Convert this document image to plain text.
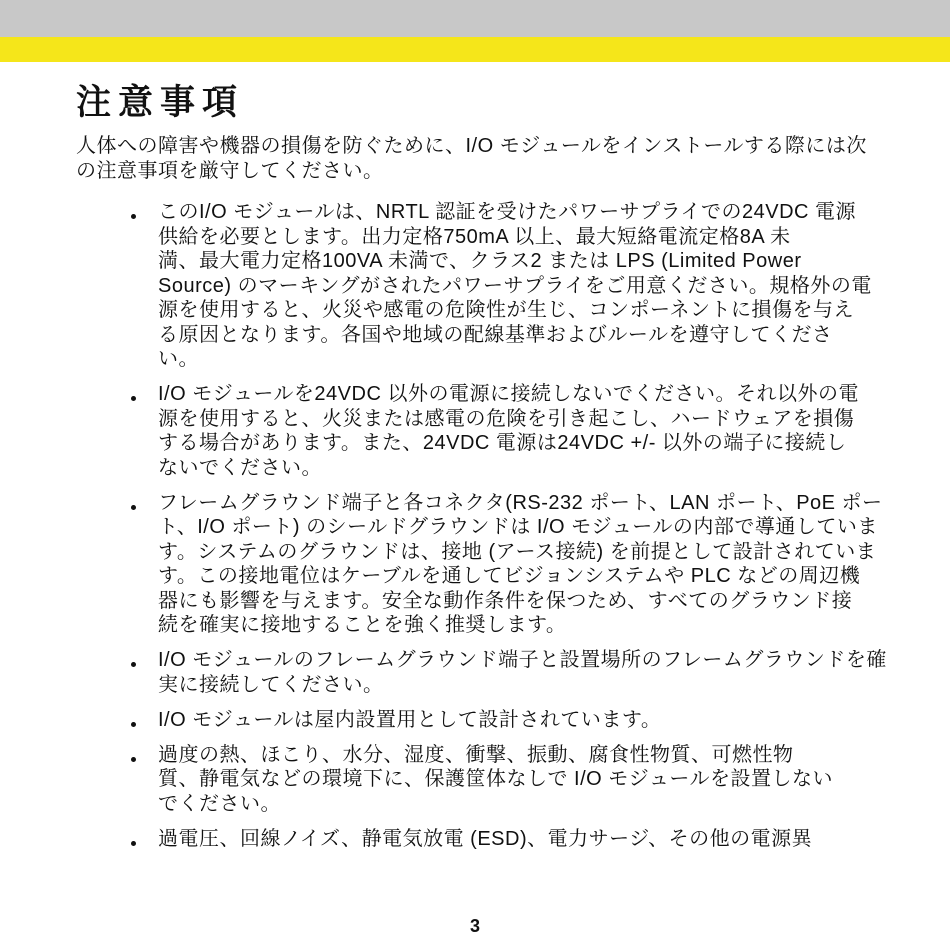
注意事項

人体への障害や機器の損傷を防ぐために、I/O モジュールをインストールする際には次
の注意事項を厳守してください。

このI/O モジュールは、NRTL 認証を受けたパワーサプライでの24VDC 電源
供給を必要とします。出力定格750mA 以上、最大短絡電流定格8A 未
満、最大電力定格100VA 未満で、クラス2 または LPS (Limited Power
Source) のマーキングがされたパワーサプライをご用意ください。規格外の電
源を使用すると、火災や感電の危険性が生じ、コンポーネントに損傷を与え
る原因となります。各国や地域の配線基準およびルールを遵守してくださ
い。
I/O モジュールを24VDC 以外の電源に接続しないでください。それ以外の電
源を使用すると、火災または感電の危険を引き起こし、ハードウェアを損傷
する場合があります。また、24VDC 電源は24VDC +/- 以外の端子に接続し
ないでください。
フレームグラウンド端子と各コネクタ(RS-232 ポート、LAN ポート、PoE ポー
ト、I/O ポート) のシールドグラウンドは I/O モジュールの内部で導通していま
す。システムのグラウンドは、接地 (アース接続) を前提として設計されていま
す。この接地電位はケーブルを通してビジョンシステムや PLC などの周辺機
器にも影響を与えます。安全な動作条件を保つため、すべてのグラウンド接
続を確実に接地することを強く推奨します。
I/O モジュールのフレームグラウンド端子と設置場所のフレームグラウンドを確
実に接続してください。
I/O モジュールは屋内設置用として設計されています。
過度の熱、ほこり、水分、湿度、衝撃、振動、腐食性物質、可燃性物
質、静電気などの環境下に、保護筐体なしで I/O モジュールを設置しない
でください。
過電圧、回線ノイズ、静電気放電 (ESD)、電力サージ、その他の電源異
3
